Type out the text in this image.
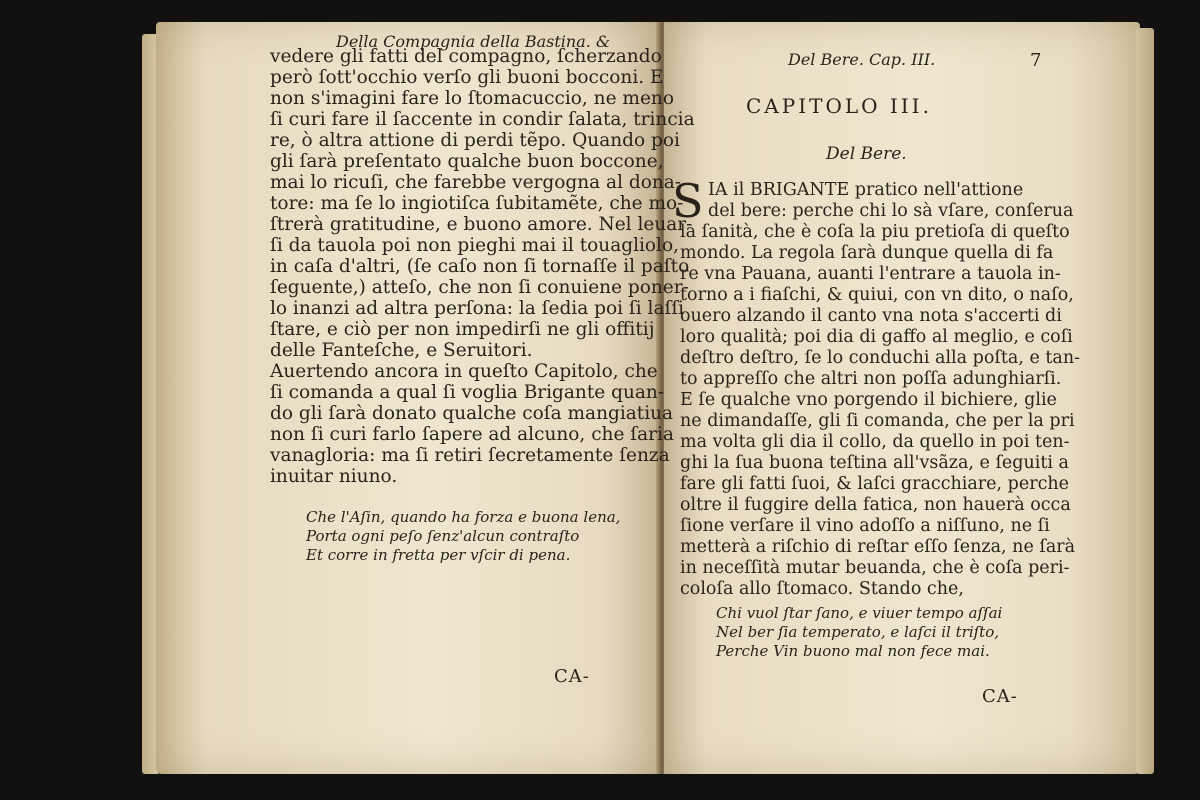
Della Compagnia della Bastina. &
vedere gli fatti del compagno, ſcherzando
però ſott'occhio verſo gli buoni bocconi. E
non s'imagini fare lo ſtomacuccio, ne meno
ſi curi fare il ſaccente in condir ſalata, trincia
re, ò altra attione di perdi tẽpo. Quando poi
gli ſarà preſentato qualche buon boccone,
mai lo ricuſi, che farebbe vergogna al dona-
tore: ma ſe lo ingiotiſca ſubitamẽte, che mo-
ſtrerà gratitudine, e buono amore. Nel leuar-
ſi da tauola poi non pieghi mai il touagliolo,
in caſa d'altri, (ſe caſo non ſi tornaſſe il paſto
ſeguente,) atteſo, che non ſi conuiene poner-
lo inanzi ad altra perſona: la ſedia poi ſi laſſi
ſtare, e ciò per non impedirſi ne gli offitij
delle Fanteſche, e Seruitori.
Auertendo ancora in queſto Capitolo, che
ſi comanda a qual ſi voglia Brigante quan-
do gli ſarà donato qualche coſa mangiatiua
non ſi curi farlo ſapere ad alcuno, che ſaria
vanagloria: ma ſi retiri ſecretamente ſenza
inuitar niuno.
Che l'Aſin, quando ha forza e buona lena,
Porta ogni peſo ſenz'alcun contraſto
Et corre in fretta per vſcir di pena.
CA-
Del Bere. Cap. III.	7
CAPITOLO III.
Del Bere.
S IA il BRIGANTE pratico nell'attione
del bere: perche chi lo sà vſare, conſerua
la ſanità, che è coſa la piu pretioſa di queſto
mondo. La regola ſarà dunque quella di fa
re vna Pauana, auanti l'entrare a tauola in-
torno a i fiaſchi, & quiui, con vn dito, o naſo,
ouero alzando il canto vna nota s'accerti di
loro qualità; poi dia di gaffo al meglio, e coſi
deſtro deſtro, ſe lo conduchi alla poſta, e tan-
to appreſſo che altri non poſſa adunghiarſi.
E ſe qualche vno porgendo il bichiere, glie
ne dimandaſſe, gli ſi comanda, che per la pri
ma volta gli dia il collo, da quello in poi ten-
ghi la ſua buona teſtina all'vsãza, e ſeguiti a
fare gli fatti ſuoi, & laſci gracchiare, perche
oltre il fuggire della fatica, non hauerà occa
ſione verſare il vino adoſſo a niſſuno, ne ſi
metterà a riſchio di reſtar eſſo ſenza, ne ſarà
in neceſſità mutar beuanda, che è coſa peri-
coloſa allo ſtomaco. Stando che,
Chi vuol ſtar ſano, e viuer tempo aſſai
Nel ber ſia temperato, e laſci il triſto,
Perche Vin buono mal non fece mai.
CA-
